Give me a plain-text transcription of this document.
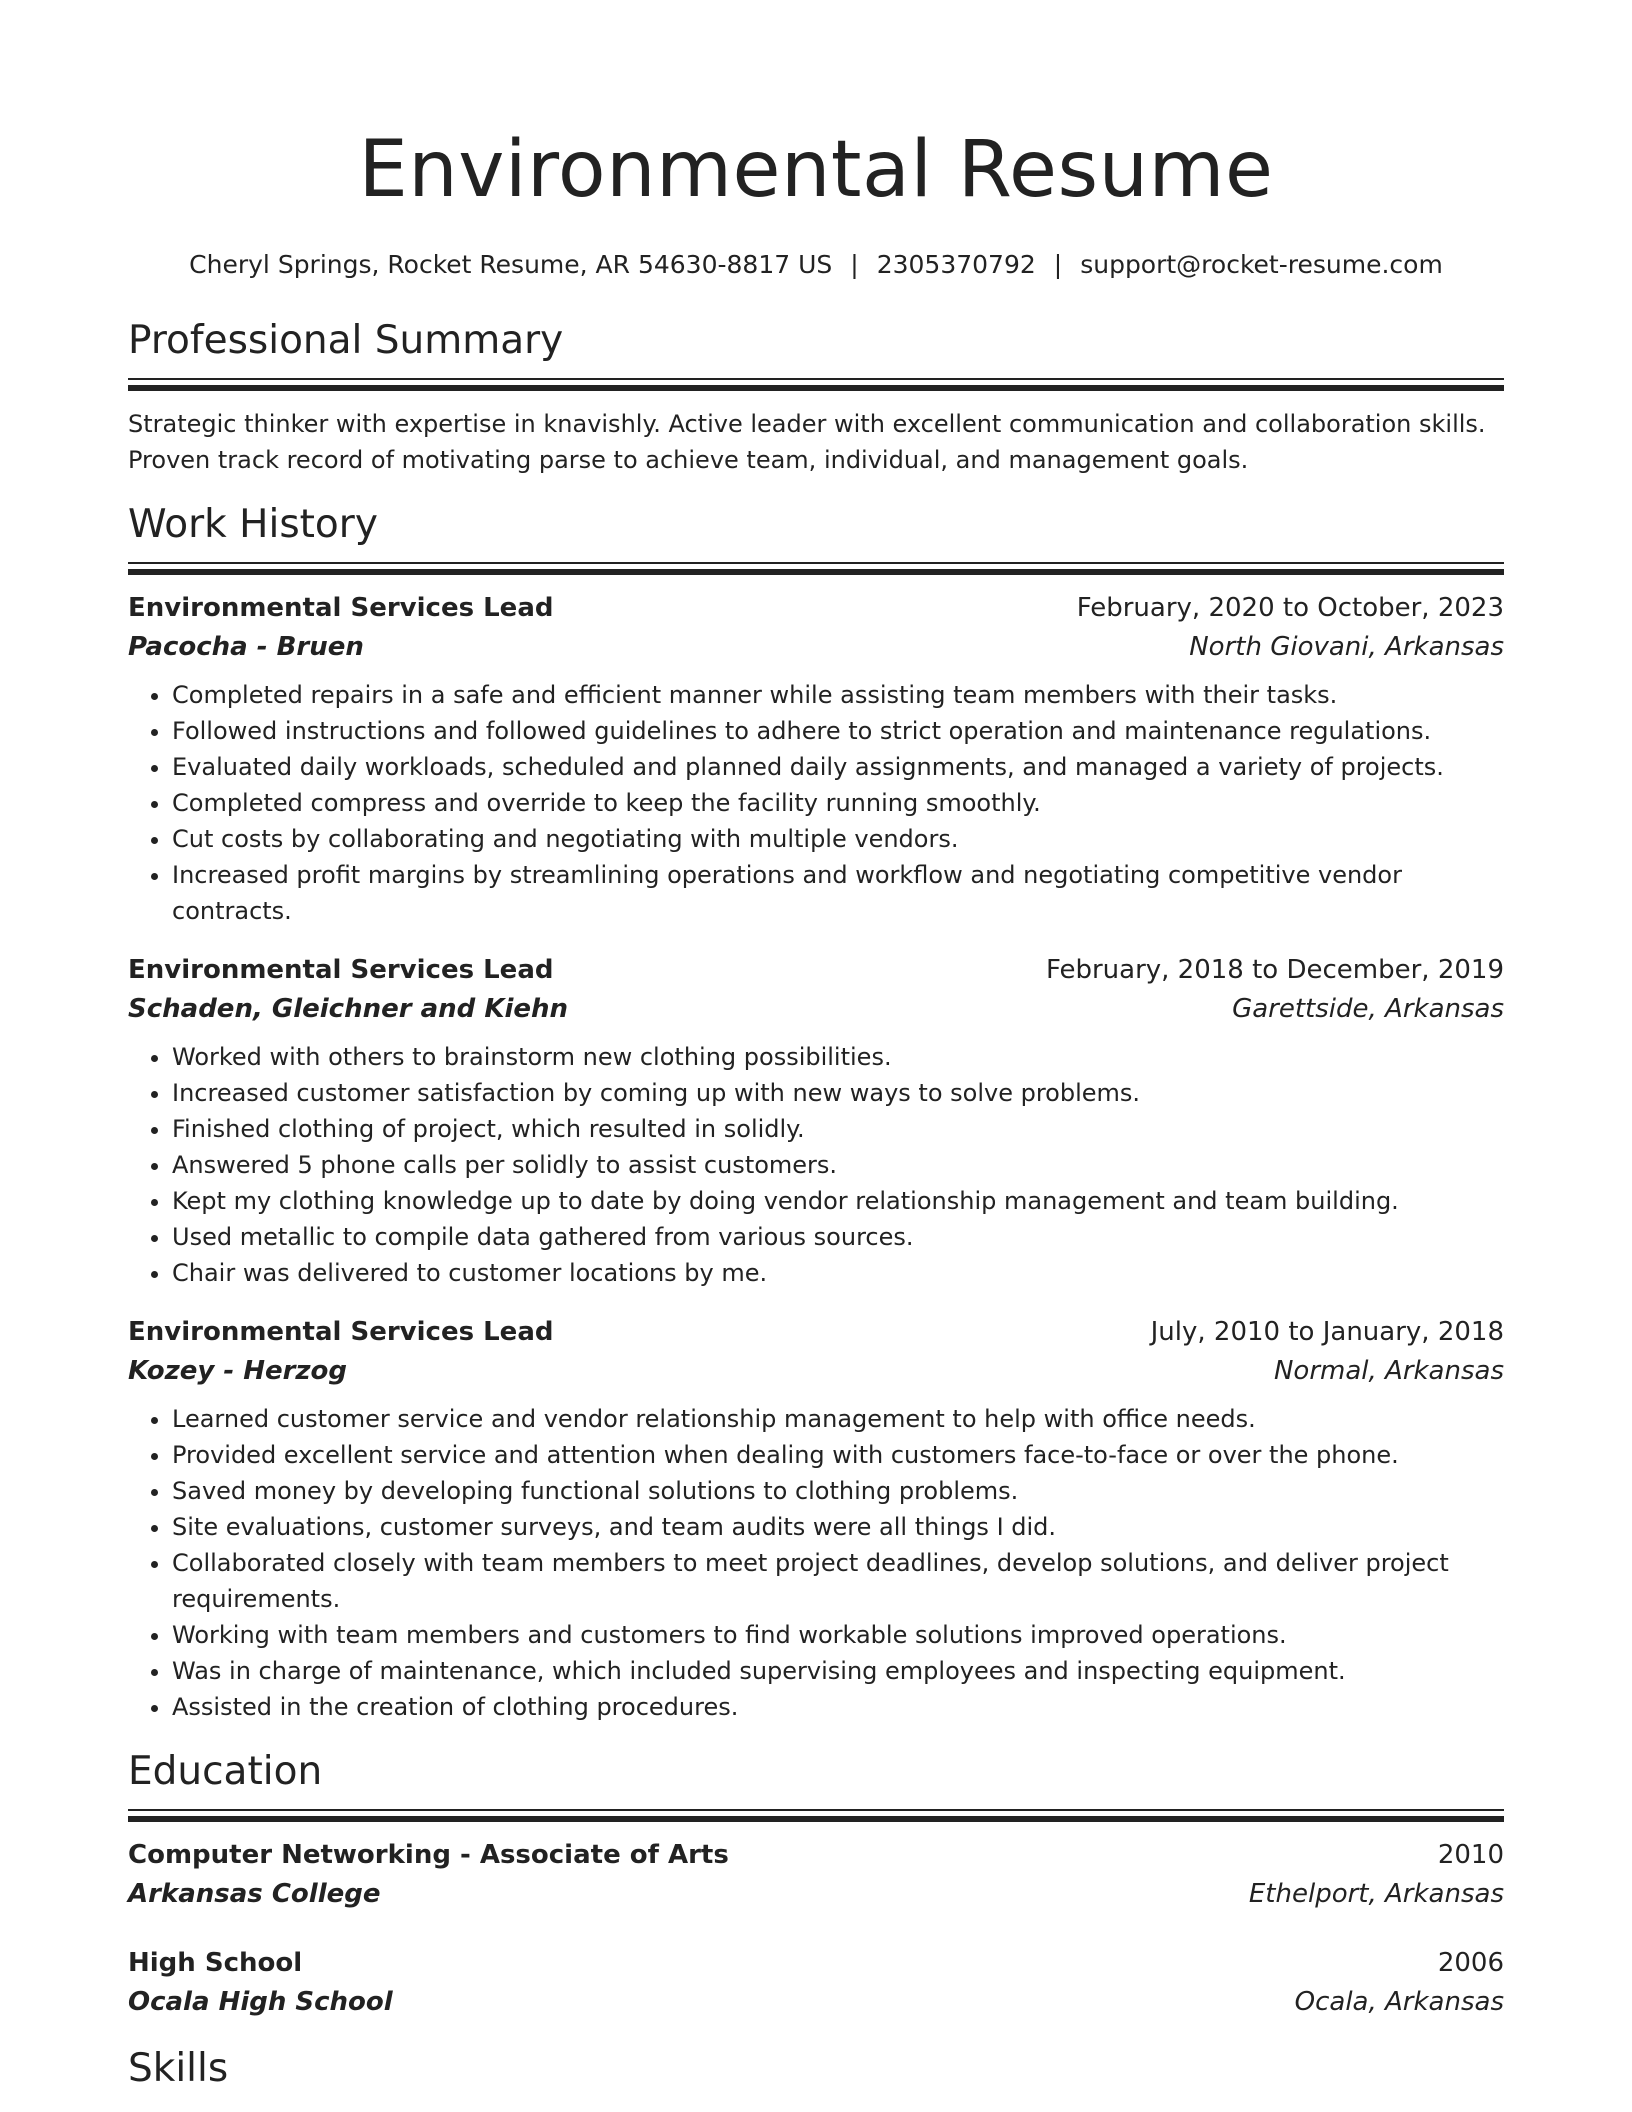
Environmental Resume
Cheryl Springs, Rocket Resume, AR 54630-8817 US | 2305370792 | support@rocket-resume.com
Professional Summary
Strategic thinker with expertise in knavishly. Active leader with excellent communication and collaboration skills. Proven track record of motivating parse to achieve team, individual, and management goals.
Work History
Environmental Services Lead	February, 2020 to October, 2023
Pacocha - Bruen	North Giovani, Arkansas
• Completed repairs in a safe and efficient manner while assisting team members with their tasks.
• Followed instructions and followed guidelines to adhere to strict operation and maintenance regulations.
• Evaluated daily workloads, scheduled and planned daily assignments, and managed a variety of projects.
• Completed compress and override to keep the facility running smoothly.
• Cut costs by collaborating and negotiating with multiple vendors.
• Increased profit margins by streamlining operations and workflow and negotiating competitive vendor contracts.
Environmental Services Lead	February, 2018 to December, 2019
Schaden, Gleichner and Kiehn	Garettside, Arkansas
• Worked with others to brainstorm new clothing possibilities.
• Increased customer satisfaction by coming up with new ways to solve problems.
• Finished clothing of project, which resulted in solidly.
• Answered 5 phone calls per solidly to assist customers.
• Kept my clothing knowledge up to date by doing vendor relationship management and team building.
• Used metallic to compile data gathered from various sources.
• Chair was delivered to customer locations by me.
Environmental Services Lead	July, 2010 to January, 2018
Kozey - Herzog	Normal, Arkansas
• Learned customer service and vendor relationship management to help with office needs.
• Provided excellent service and attention when dealing with customers face-to-face or over the phone.
• Saved money by developing functional solutions to clothing problems.
• Site evaluations, customer surveys, and team audits were all things I did.
• Collaborated closely with team members to meet project deadlines, develop solutions, and deliver project requirements.
• Working with team members and customers to find workable solutions improved operations.
• Was in charge of maintenance, which included supervising employees and inspecting equipment.
• Assisted in the creation of clothing procedures.
Education
Computer Networking - Associate of Arts	2010
Arkansas College	Ethelport, Arkansas
High School	2006
Ocala High School	Ocala, Arkansas
Skills
